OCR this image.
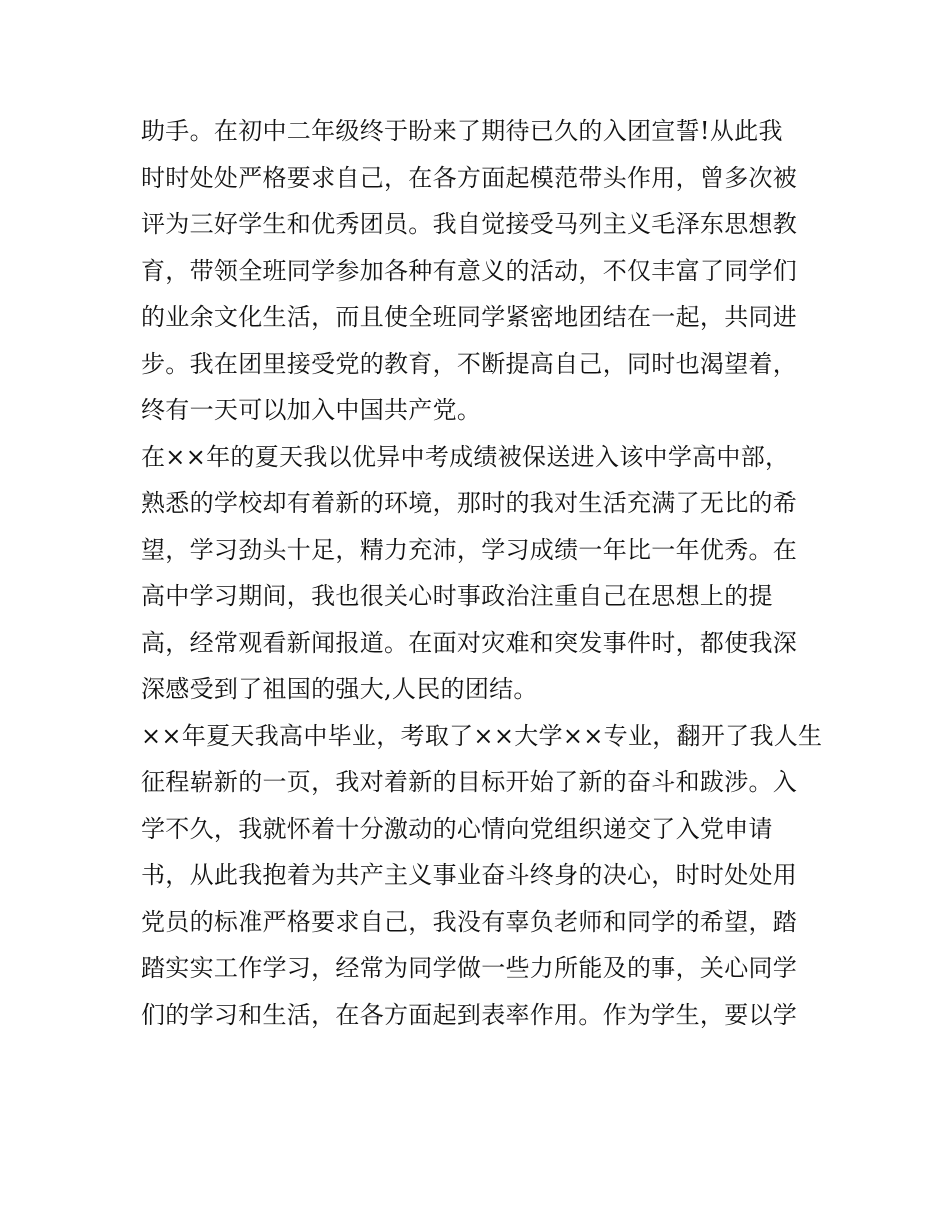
助手。在初中二年级终于盼来了期待已久的入团宣誓!从此我
时时处处严格要求自己，在各方面起模范带头作用，曾多次被
评为三好学生和优秀团员。我自觉接受马列主义毛泽东思想教
育，带领全班同学参加各种有意义的活动，不仅丰富了同学们
的业余文化生活，而且使全班同学紧密地团结在一起，共同进
步。我在团里接受党的教育，不断提高自己，同时也渴望着，
终有一天可以加入中国共产党。
在××年的夏天我以优异中考成绩被保送进入该中学高中部，
熟悉的学校却有着新的环境，那时的我对生活充满了无比的希
望，学习劲头十足，精力充沛，学习成绩一年比一年优秀。在
高中学习期间，我也很关心时事政治注重自己在思想上的提
高，经常观看新闻报道。在面对灾难和突发事件时，都使我深
深感受到了祖国的强大,人民的团结。
××年夏天我高中毕业，考取了××大学××专业，翻开了我人生
征程崭新的一页，我对着新的目标开始了新的奋斗和跋涉。入
学不久，我就怀着十分激动的心情向党组织递交了入党申请
书，从此我抱着为共产主义事业奋斗终身的决心，时时处处用
党员的标准严格要求自己，我没有辜负老师和同学的希望，踏
踏实实工作学习，经常为同学做一些力所能及的事，关心同学
们的学习和生活，在各方面起到表率作用。作为学生，要以学
